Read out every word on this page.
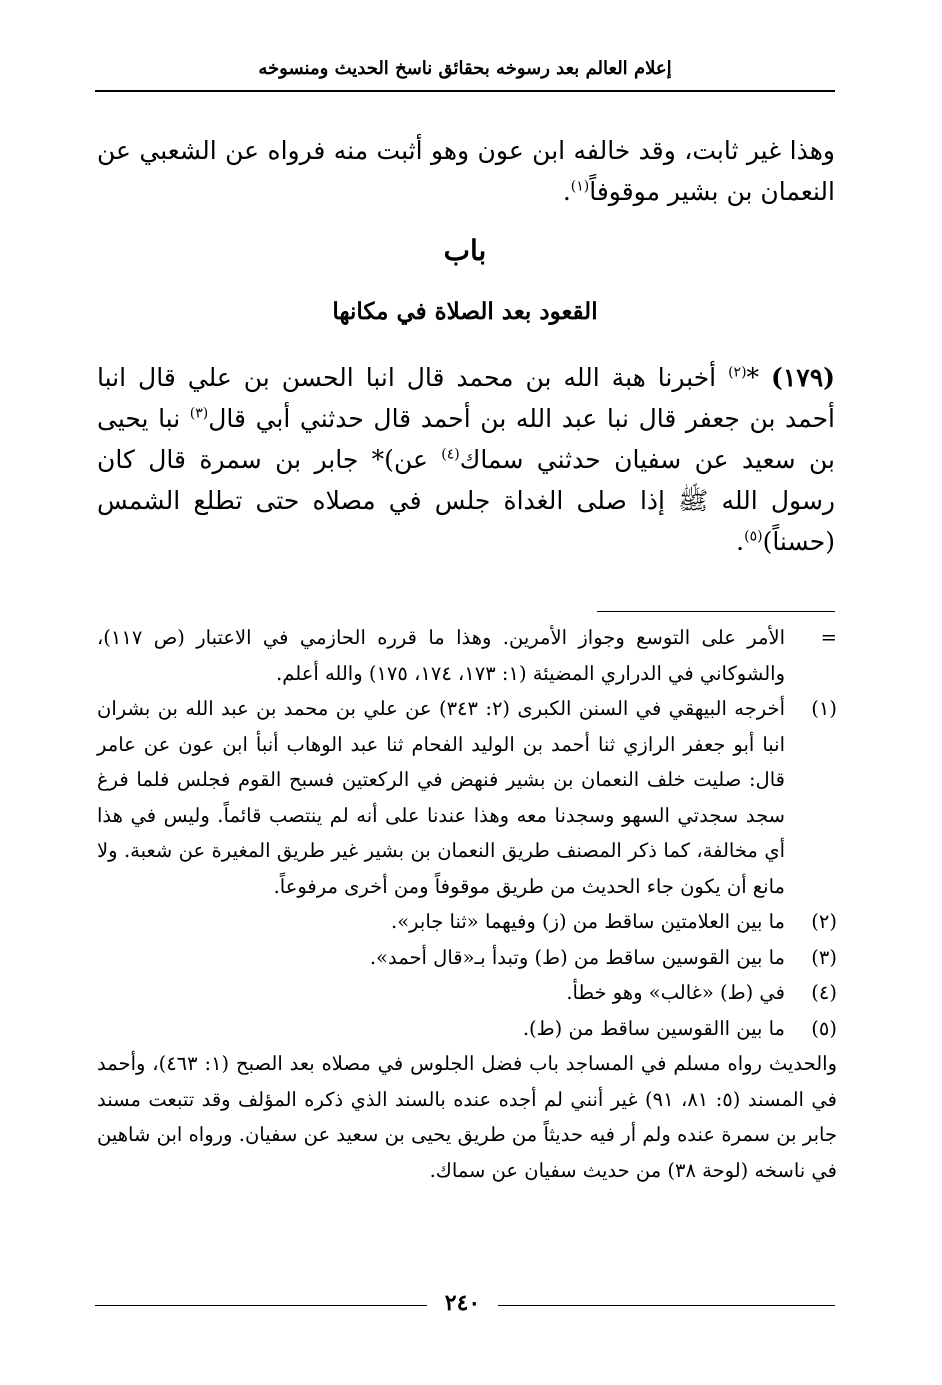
إعلام العالم بعد رسوخه بحقائق ناسخ الحديث ومنسوخه
وهذا غير ثابت، وقد خالفه ابن عون وهو أثبت منه فرواه عن الشعبي عن النعمان بن بشير موقوفاً$^{(١)}$.
باب
القعود بعد الصلاة في مكانها
(١٧٩) *$^{(٢)}$ أخبرنا هبة الله بن محمد قال انبا الحسن بن علي قال انبا أحمد بن جعفر قال نبا عبد الله بن أحمد قال حدثني أبي قال$^{(٣)}$ نبا يحيى بن سعيد عن سفيان حدثني سماك$^{(٤)}$ عن)* جابر بن سمرة قال كان رسول الله ﷺ إذا صلى الغداة جلس في مصلاه حتى تطلع الشمس (حسناً)$^{(٥)}$.
=
الأمر على التوسع وجواز الأمرين. وهذا ما قرره الحازمي في الاعتبار (ص ١١٧)، والشوكاني في الدراري المضيئة (١: ١٧٣، ١٧٤، ١٧٥) والله أعلم.
(١)
أخرجه البيهقي في السنن الكبرى (٢: ٣٤٣) عن علي بن محمد بن عبد الله بن بشران انبا أبو جعفر الرازي ثنا أحمد بن الوليد الفحام ثنا عبد الوهاب أنبأ ابن عون عن عامر قال: صليت خلف النعمان بن بشير فنهض في الركعتين فسبح القوم فجلس فلما فرغ سجد سجدتي السهو وسجدنا معه وهذا عندنا على أنه لم ينتصب قائماً. وليس في هذا أي مخالفة، كما ذكر المصنف طريق النعمان بن بشير غير طريق المغيرة عن شعبة. ولا مانع أن يكون جاء الحديث من طريق موقوفاً ومن أخرى مرفوعاً.
(٢)
ما بين العلامتين ساقط من (ز) وفيهما «ثنا جابر».
(٣)
ما بين القوسين ساقط من (ط) وتبدأ بـ«قال أحمد».
(٤)
في (ط) «غالب» وهو خطأ.
(٥)
ما بين االقوسين ساقط من (ط).
والحديث رواه مسلم في المساجد باب فضل الجلوس في مصلاه بعد الصبح (١: ٤٦٣)، وأحمد في المسند (٥: ٨١، ٩١) غير أنني لم أجده عنده بالسند الذي ذكره المؤلف وقد تتبعت مسند جابر بن سمرة عنده ولم أر فيه حديثاً من طريق يحيى بن سعيد عن سفيان. ورواه ابن شاهين في ناسخه (لوحة ٣٨) من حديث سفيان عن سماك.
٢٤٠
